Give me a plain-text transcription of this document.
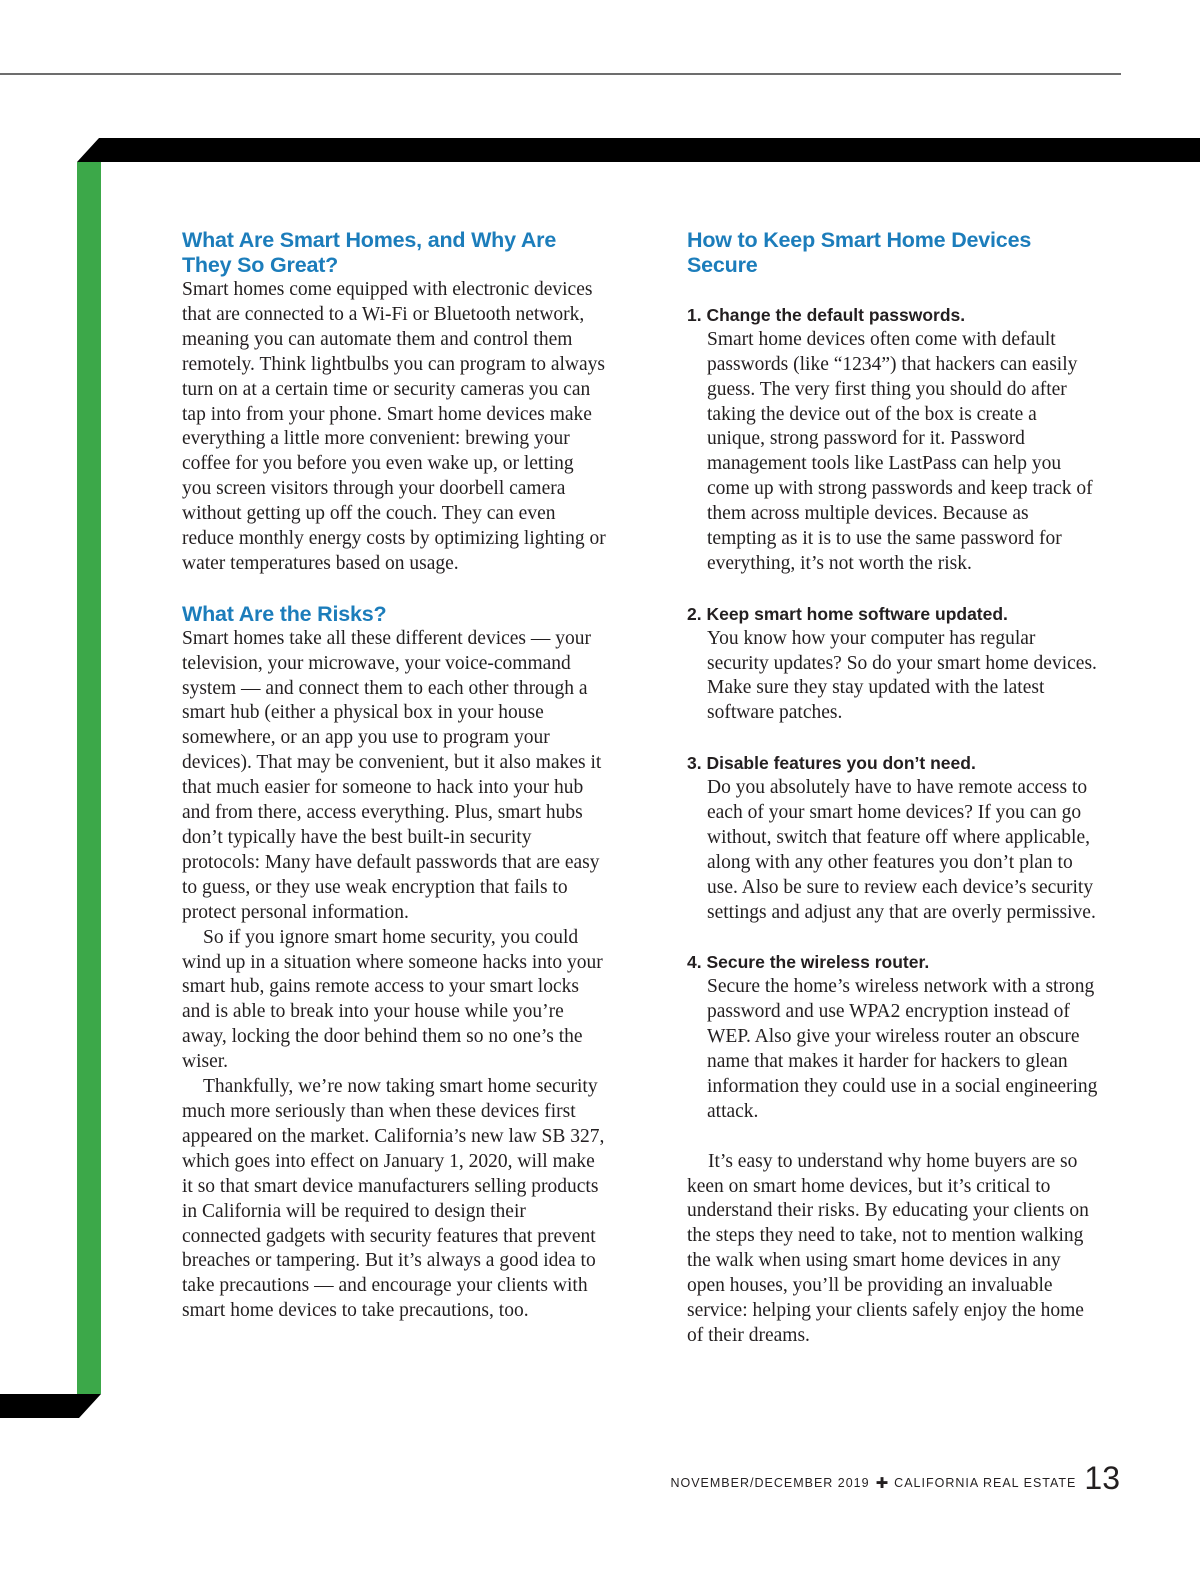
What Are Smart Homes, and Why Are They So Great?

Smart homes come equipped with electronic devices that are connected to a Wi-Fi or Bluetooth network, meaning you can automate them and control them remotely. Think lightbulbs you can program to always turn on at a certain time or security cameras you can tap into from your phone. Smart home devices make everything a little more convenient: brewing your coffee for you before you even wake up, or letting you screen visitors through your doorbell camera without getting up off the couch. They can even reduce monthly energy costs by optimizing lighting or water temperatures based on usage.

What Are the Risks?

Smart homes take all these different devices — your television, your microwave, your voice-command system — and connect them to each other through a smart hub (either a physical box in your house somewhere, or an app you use to program your devices). That may be convenient, but it also makes it that much easier for someone to hack into your hub and from there, access everything. Plus, smart hubs don’t typically have the best built-in security protocols: Many have default passwords that are easy to guess, or they use weak encryption that fails to protect personal information.

So if you ignore smart home security, you could wind up in a situation where someone hacks into your smart hub, gains remote access to your smart locks and is able to break into your house while you’re away, locking the door behind them so no one’s the wiser.

Thankfully, we’re now taking smart home security much more seriously than when these devices first appeared on the market. California’s new law SB 327, which goes into effect on January 1, 2020, will make it so that smart device manufacturers selling products in California will be required to design their connected gadgets with security features that prevent breaches or tampering. But it’s always a good idea to take precautions — and encourage your clients with smart home devices to take precautions, too.

How to Keep Smart Home Devices Secure

1. Change the default passwords.

Smart home devices often come with default passwords (like “1234”) that hackers can easily guess. The very first thing you should do after taking the device out of the box is create a unique, strong password for it. Password management tools like LastPass can help you come up with strong passwords and keep track of them across multiple devices. Because as tempting as it is to use the same password for everything, it’s not worth the risk.

2. Keep smart home software updated.

You know how your computer has regular security updates? So do your smart home devices. Make sure they stay updated with the latest software patches.

3. Disable features you don’t need.

Do you absolutely have to have remote access to each of your smart home devices? If you can go without, switch that feature off where applicable, along with any other features you don’t plan to use. Also be sure to review each device’s security settings and adjust any that are overly permissive.

4. Secure the wireless router.

Secure the home’s wireless network with a strong password and use WPA2 encryption instead of WEP. Also give your wireless router an obscure name that makes it harder for hackers to glean information they could use in a social engineering attack.

It’s easy to understand why home buyers are so keen on smart home devices, but it’s critical to understand their risks. By educating your clients on the steps they need to take, not to mention walking the walk when using smart home devices in any open houses, you’ll be providing an invaluable service: helping your clients safely enjoy the home of their dreams.

NOVEMBER/DECEMBER 2019 ✚ CALIFORNIA REAL ESTATE 13
